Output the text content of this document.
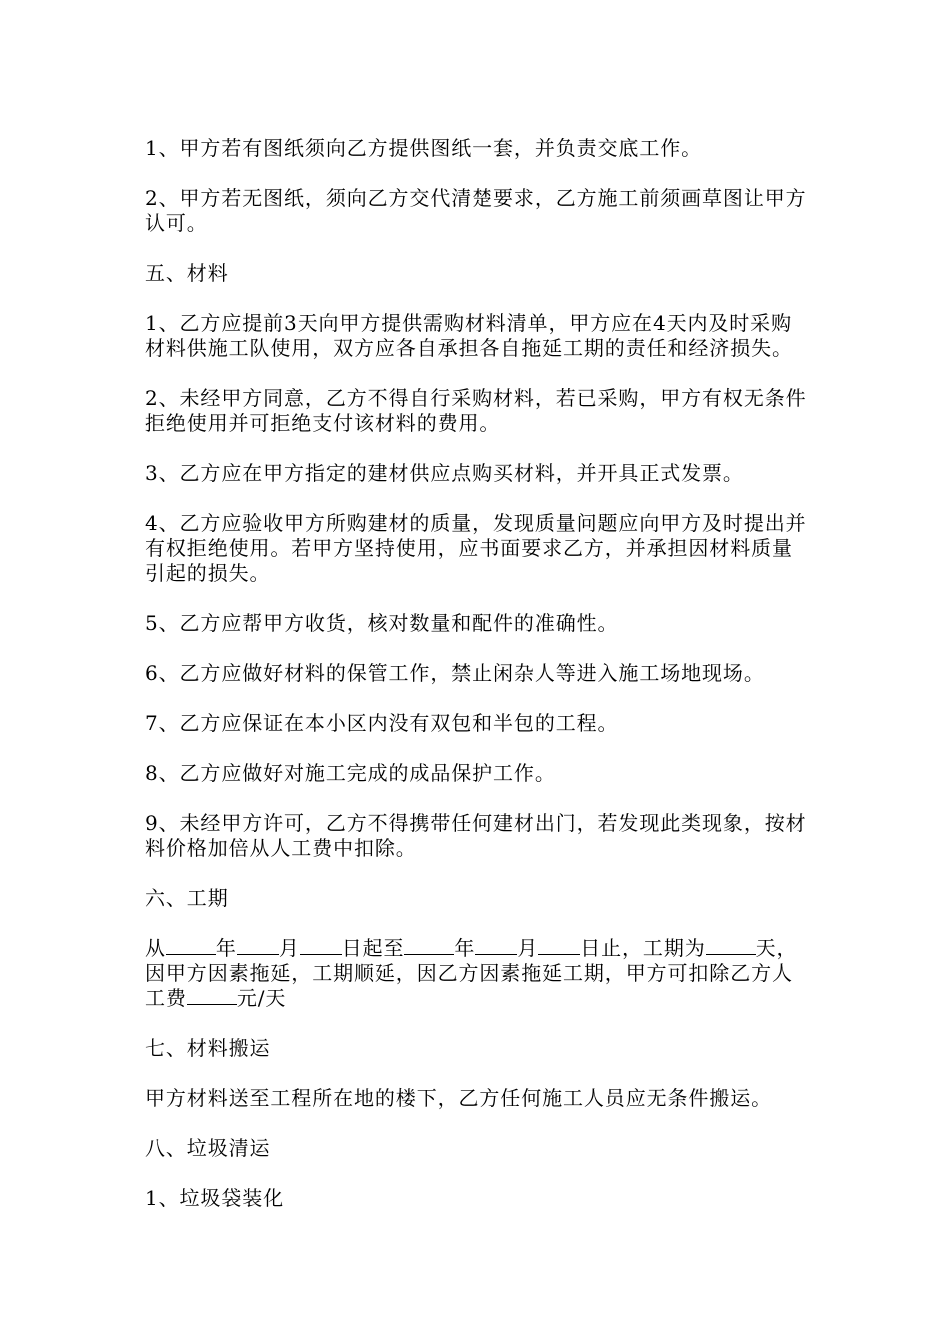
1、甲方若有图纸须向乙方提供图纸一套，并负责交底工作。

2、甲方若无图纸，须向乙方交代清楚要求，乙方施工前须画草图让甲方认可。

五、材料

1、乙方应提前3天向甲方提供需购材料清单，甲方应在4天内及时采购材料供施工队使用，双方应各自承担各自拖延工期的责任和经济损失。

2、未经甲方同意，乙方不得自行采购材料，若已采购，甲方有权无条件拒绝使用并可拒绝支付该材料的费用。

3、乙方应在甲方指定的建材供应点购买材料，并开具正式发票。

4、乙方应验收甲方所购建材的质量，发现质量问题应向甲方及时提出并有权拒绝使用。若甲方坚持使用，应书面要求乙方，并承担因材料质量引起的损失。

5、乙方应帮甲方收货，核对数量和配件的准确性。

6、乙方应做好材料的保管工作，禁止闲杂人等进入施工场地现场。

7、乙方应保证在本小区内没有双包和半包的工程。

8、乙方应做好对施工完成的成品保护工作。

9、未经甲方许可，乙方不得携带任何建材出门，若发现此类现象，按材料价格加倍从人工费中扣除。

六、工期

从	年 月 日起至	年 月 日止，工期为	天，因甲方因素拖延，工期顺延，因乙方因素拖延工期，甲方可扣除乙方人工费	元/天

七、材料搬运

甲方材料送至工程所在地的楼下，乙方任何施工人员应无条件搬运。

八、垃圾清运

1、垃圾袋装化
